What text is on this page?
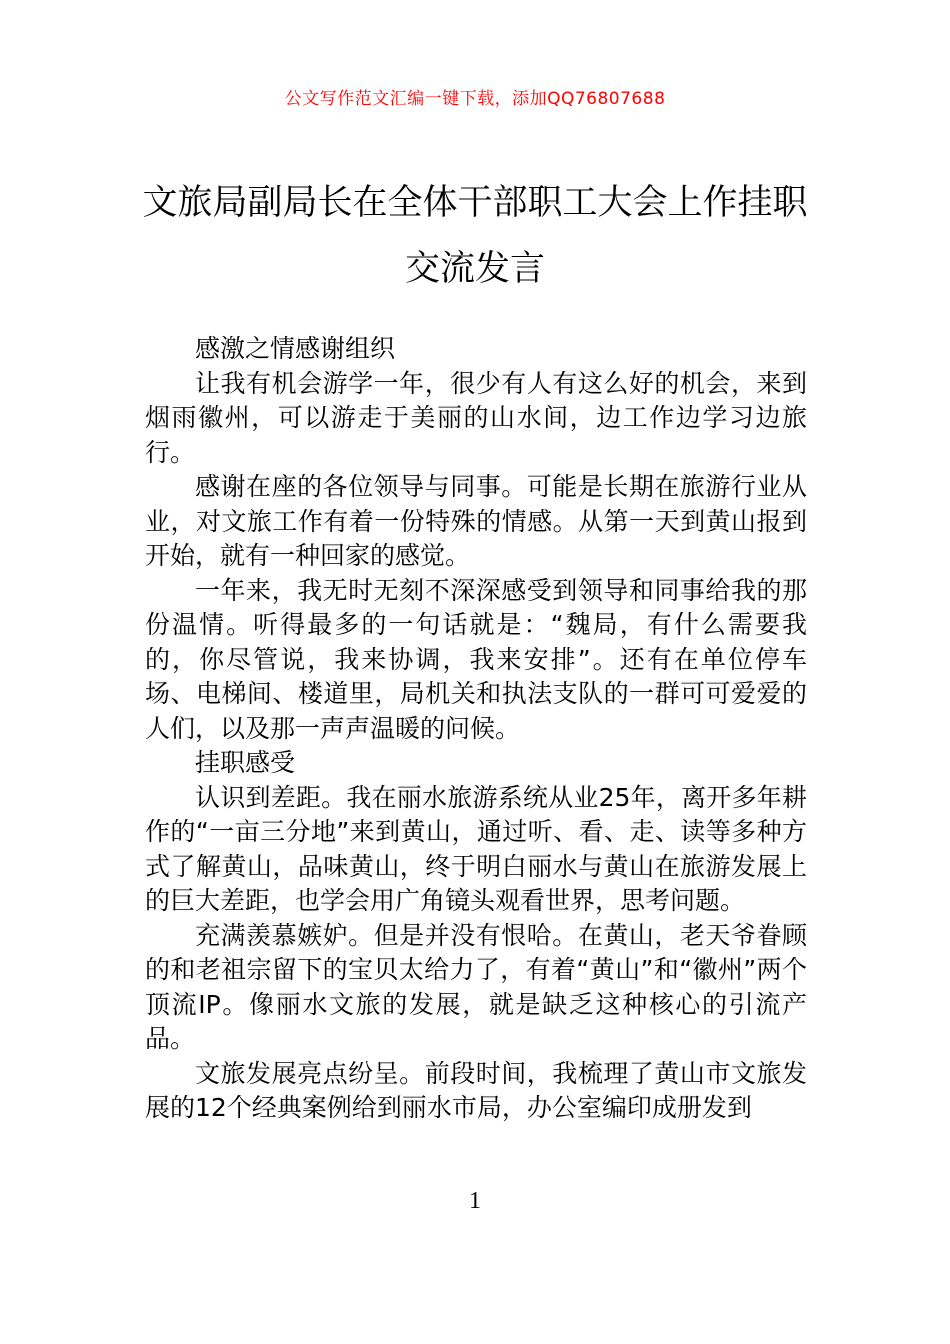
公文写作范文汇编一键下载，添加QQ76807688
文旅局副局长在全体干部职工大会上作挂职交流发言

感激之情感谢组织

让我有机会游学一年，很少有人有这么好的机会，来到烟雨徽州，可以游走于美丽的山水间，边工作边学习边旅行。

感谢在座的各位领导与同事。可能是长期在旅游行业从业，对文旅工作有着一份特殊的情感。从第一天到黄山报到开始，就有一种回家的感觉。

一年来，我无时无刻不深深感受到领导和同事给我的那份温情。听得最多的一句话就是：“魏局，有什么需要我的，你尽管说，我来协调，我来安排”。还有在单位停车场、电梯间、楼道里，局机关和执法支队的一群可可爱爱的人们，以及那一声声温暖的问候。

挂职感受

认识到差距。我在丽水旅游系统从业25年，离开多年耕作的“一亩三分地”来到黄山，通过听、看、走、读等多种方式了解黄山，品味黄山，终于明白丽水与黄山在旅游发展上的巨大差距，也学会用广角镜头观看世界，思考问题。

充满羡慕嫉妒。但是并没有恨哈。在黄山，老天爷眷顾的和老祖宗留下的宝贝太给力了，有着“黄山”和“徽州”两个顶流IP。像丽水文旅的发展，就是缺乏这种核心的引流产品。

文旅发展亮点纷呈。前段时间，我梳理了黄山市文旅发展的12个经典案例给到丽水市局，办公室编印成册发到

1
